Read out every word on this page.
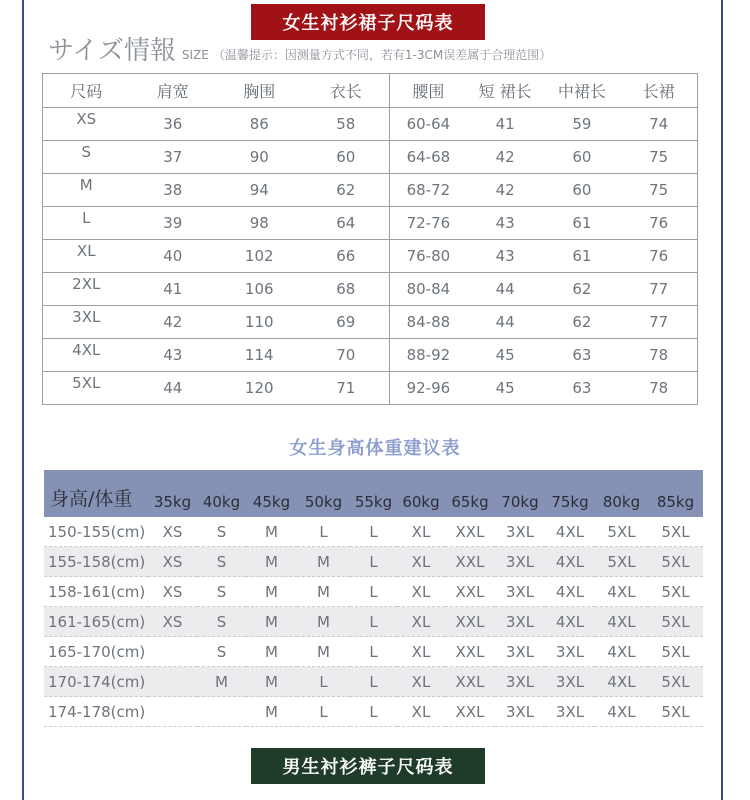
女生衬衫裙子尺码表
サイズ情報 SIZE （温馨提示：因测量方式不同，若有1-3CM误差属于合理范围）
尺码 肩宽 胸围 衣长	腰围 短 裙长 中裙长 长裙

XS 36 86 58	60-64 41 59 74

S 37 90 60	64-68 42 60 75

M 38 94 62	68-72 42 60 75

L 39 98 64	72-76 43 61 76

XL 40 102 66	76-80 43 61 76

2XL 41 106 68	80-84 44 62 77

3XL 42 110 69	84-88 44 62 77

4XL 43 114 70	88-92 45 63 78

5XL 44 120 71	92-96 45 63 78
女生身高体重建议表
身高/体重	35kg	40kg	45kg	50kg	55kg	60kg	65kg	70kg	75kg	80kg	85kg
150-155(cm)	XS	S	M	L	L	XL	XXL	3XL	4XL	5XL	5XL
155-158(cm)	XS	S	M	M	L	XL	XXL	3XL	4XL	5XL	5XL
158-161(cm)	XS	S	M	M	L	XL	XXL	3XL	4XL	4XL	5XL
161-165(cm)	XS	S	M	M	L	XL	XXL	3XL	4XL	4XL	5XL
165-170(cm)		S	M	M	L	XL	XXL	3XL	3XL	4XL	5XL
170-174(cm)		M	M	L	L	XL	XXL	3XL	3XL	4XL	5XL
174-178(cm)			M	L	L	XL	XXL	3XL	3XL	4XL	5XL
男生衬衫裤子尺码表
